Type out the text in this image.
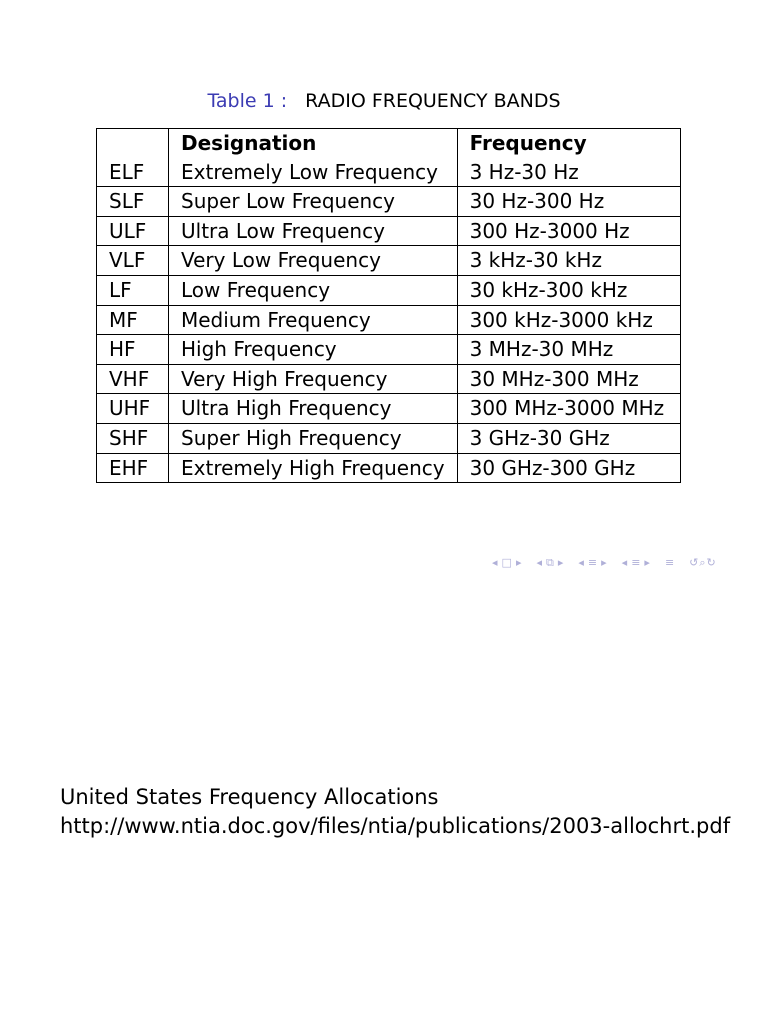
Table 1 : RADIO FREQUENCY BANDS
	Designation	Frequency
ELF	Extremely Low Frequency	3 Hz-30 Hz
SLF	Super Low Frequency	30 Hz-300 Hz
ULF	Ultra Low Frequency	300 Hz-3000 Hz
VLF	Very Low Frequency	3 kHz-30 kHz
LF	Low Frequency	30 kHz-300 kHz
MF	Medium Frequency	300 kHz-3000 kHz
HF	High Frequency	3 MHz-30 MHz
VHF	Very High Frequency	30 MHz-300 MHz
UHF	Ultra High Frequency	300 MHz-3000 MHz
SHF	Super High Frequency	3 GHz-30 GHz
EHF	Extremely High Frequency	30 GHz-300 GHz
◂ □ ▸ ◂ ⧉ ▸ ◂ ≡ ▸ ◂ ≡ ▸ ≡ ↺⌕↻
United States Frequency Allocations
http://www.ntia.doc.gov/files/ntia/publications/2003-allochrt.pdf
